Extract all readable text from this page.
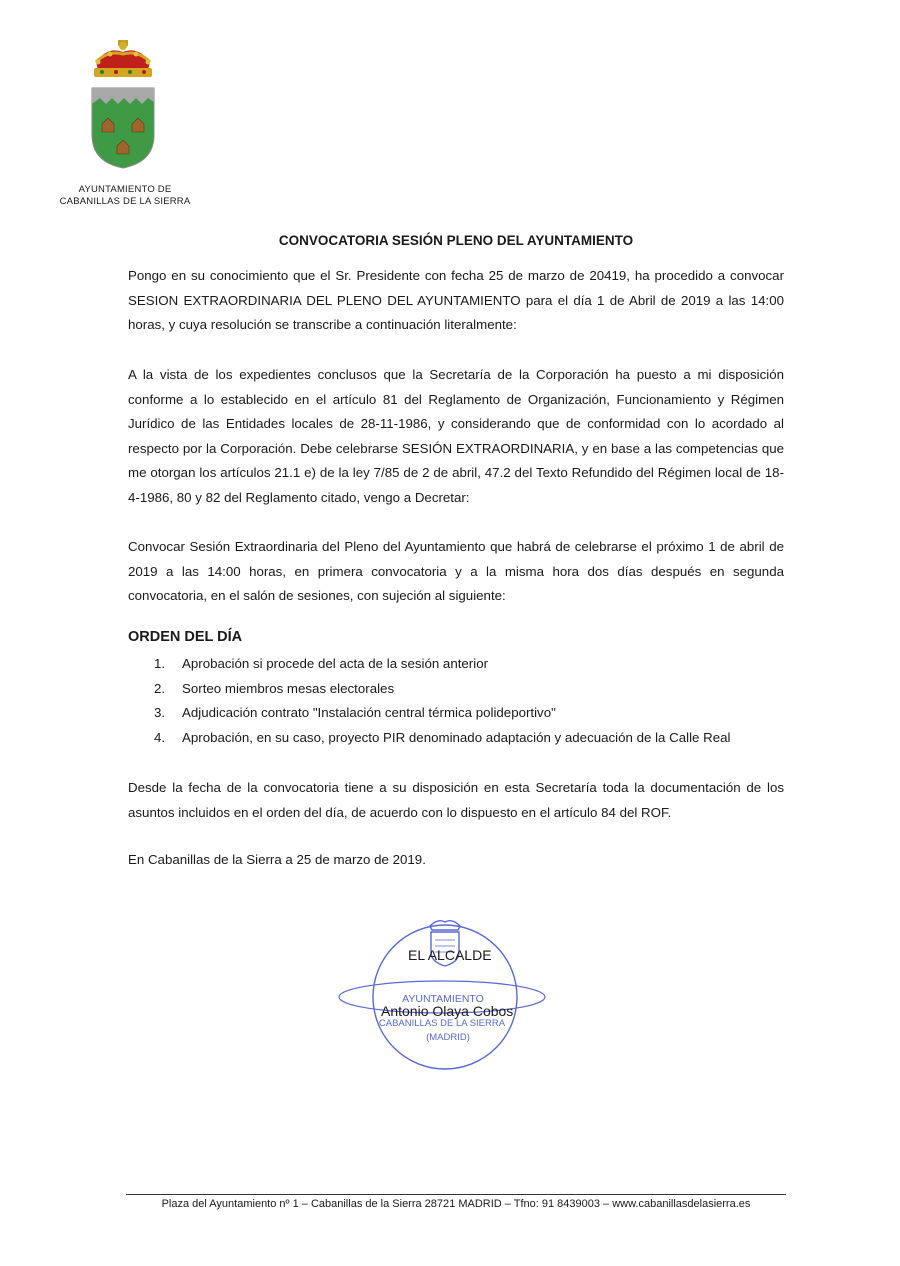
AYUNTAMIENTO DE
CABANILLAS DE LA SIERRA
CONVOCATORIA SESIÓN PLENO DEL AYUNTAMIENTO
Pongo en su conocimiento que el Sr. Presidente con fecha 25 de marzo de 20419, ha procedido a convocar SESION EXTRAORDINARIA DEL PLENO DEL AYUNTAMIENTO para el día 1 de Abril de 2019 a las 14:00 horas, y cuya resolución se transcribe a continuación literalmente:
A la vista de los expedientes conclusos que la Secretaría de la Corporación ha puesto a mi disposición conforme a lo establecido en el artículo 81 del Reglamento de Organización, Funcionamiento y Régimen Jurídico de las Entidades locales de 28-11-1986, y considerando que de conformidad con lo acordado al respecto por la Corporación. Debe celebrarse SESIÓN EXTRAORDINARIA, y en base a las competencias que me otorgan los artículos 21.1 e) de la ley 7/85 de 2 de abril, 47.2 del Texto Refundido del Régimen local de 18-4-1986, 80 y 82 del Reglamento citado, vengo a Decretar:
Convocar Sesión Extraordinaria del Pleno del Ayuntamiento que habrá de celebrarse el próximo 1 de abril de 2019 a las 14:00 horas, en primera convocatoria y a la misma hora dos días después en segunda convocatoria, en el salón de sesiones, con sujeción al siguiente:
ORDEN DEL DÍA
1. Aprobación si procede del acta de la sesión anterior
2. Sorteo miembros mesas electorales
3. Adjudicación contrato "Instalación central térmica polideportivo"
4. Aprobación, en su caso, proyecto PIR denominado adaptación y adecuación de la Calle Real
Desde la fecha de la convocatoria tiene a su disposición en esta Secretaría toda la documentación de los asuntos incluidos en el orden del día, de acuerdo con lo dispuesto en el artículo 84 del ROF.
En Cabanillas de la Sierra a 25 de marzo de 2019.
AYUNTAMIENTO
CABANILLAS DE LA SIERRA
(MADRID)
EL ALCALDE
Antonio Olaya Cobos
Plaza del Ayuntamiento nº 1 – Cabanillas de la Sierra 28721 MADRID – Tfno: 91 8439003 – www.cabanillasdelasierra.es
